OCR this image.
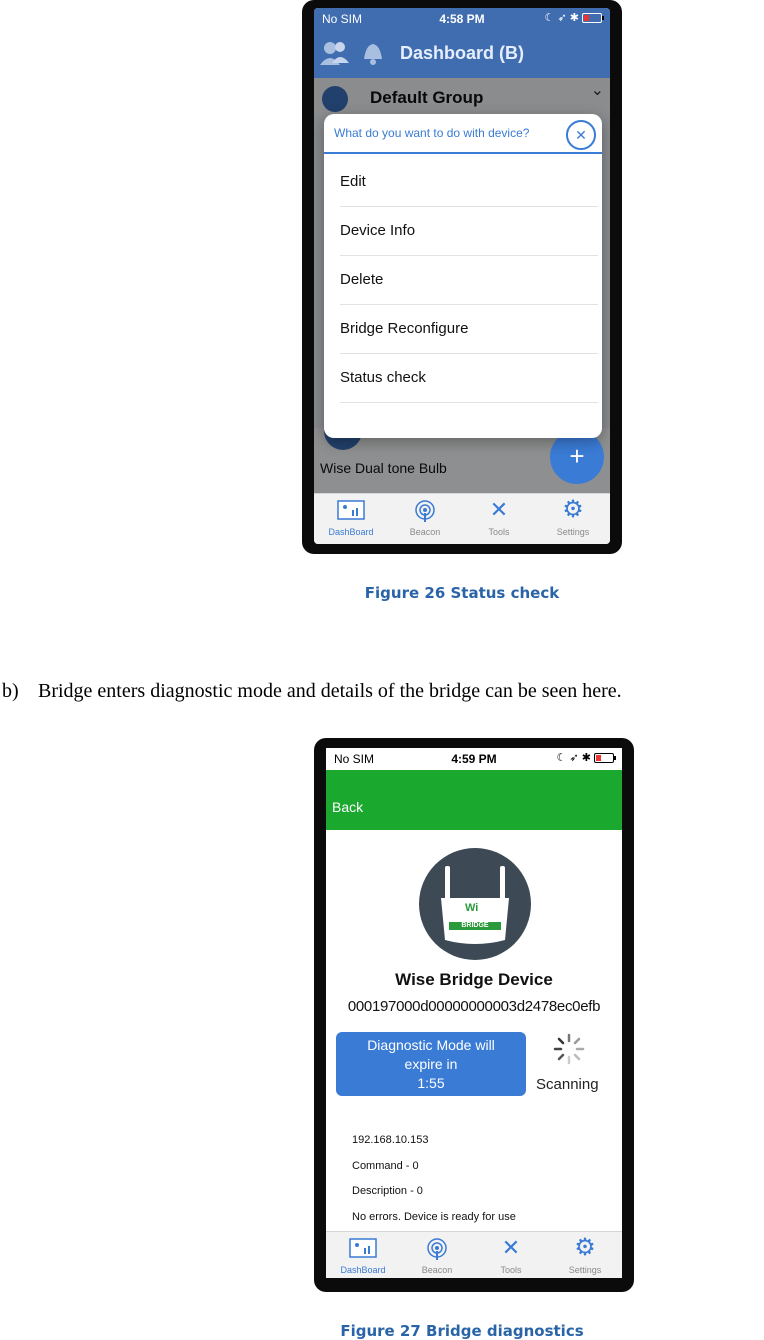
No SIM	4:58 PM	☾ ➶ ✱
Dashboard (B)
Default Group	⌄
Wise Dual tone Bulb	+
What do you want to do with device?	✕
Edit
Device Info
Delete
Bridge Reconfigure
Status check
DashBoard	Beacon
✕
Tools
⚙
Settings
Figure 26 Status check
b) Bridge enters diagnostic mode and details of the bridge can be seen here.
No SIM	4:59 PM	☾ ➶ ✱
Back
Wi
BRIDGE
Wise Bridge Device
000197000d00000000003d2478ec0efb
Diagnostic Mode will
expire in
1:55	Scanning
192.168.10.153
Command - 0
Description - 0
No errors. Device is ready for use
DashBoard	Beacon
✕
Tools
⚙
Settings
Figure 27 Bridge diagnostics
